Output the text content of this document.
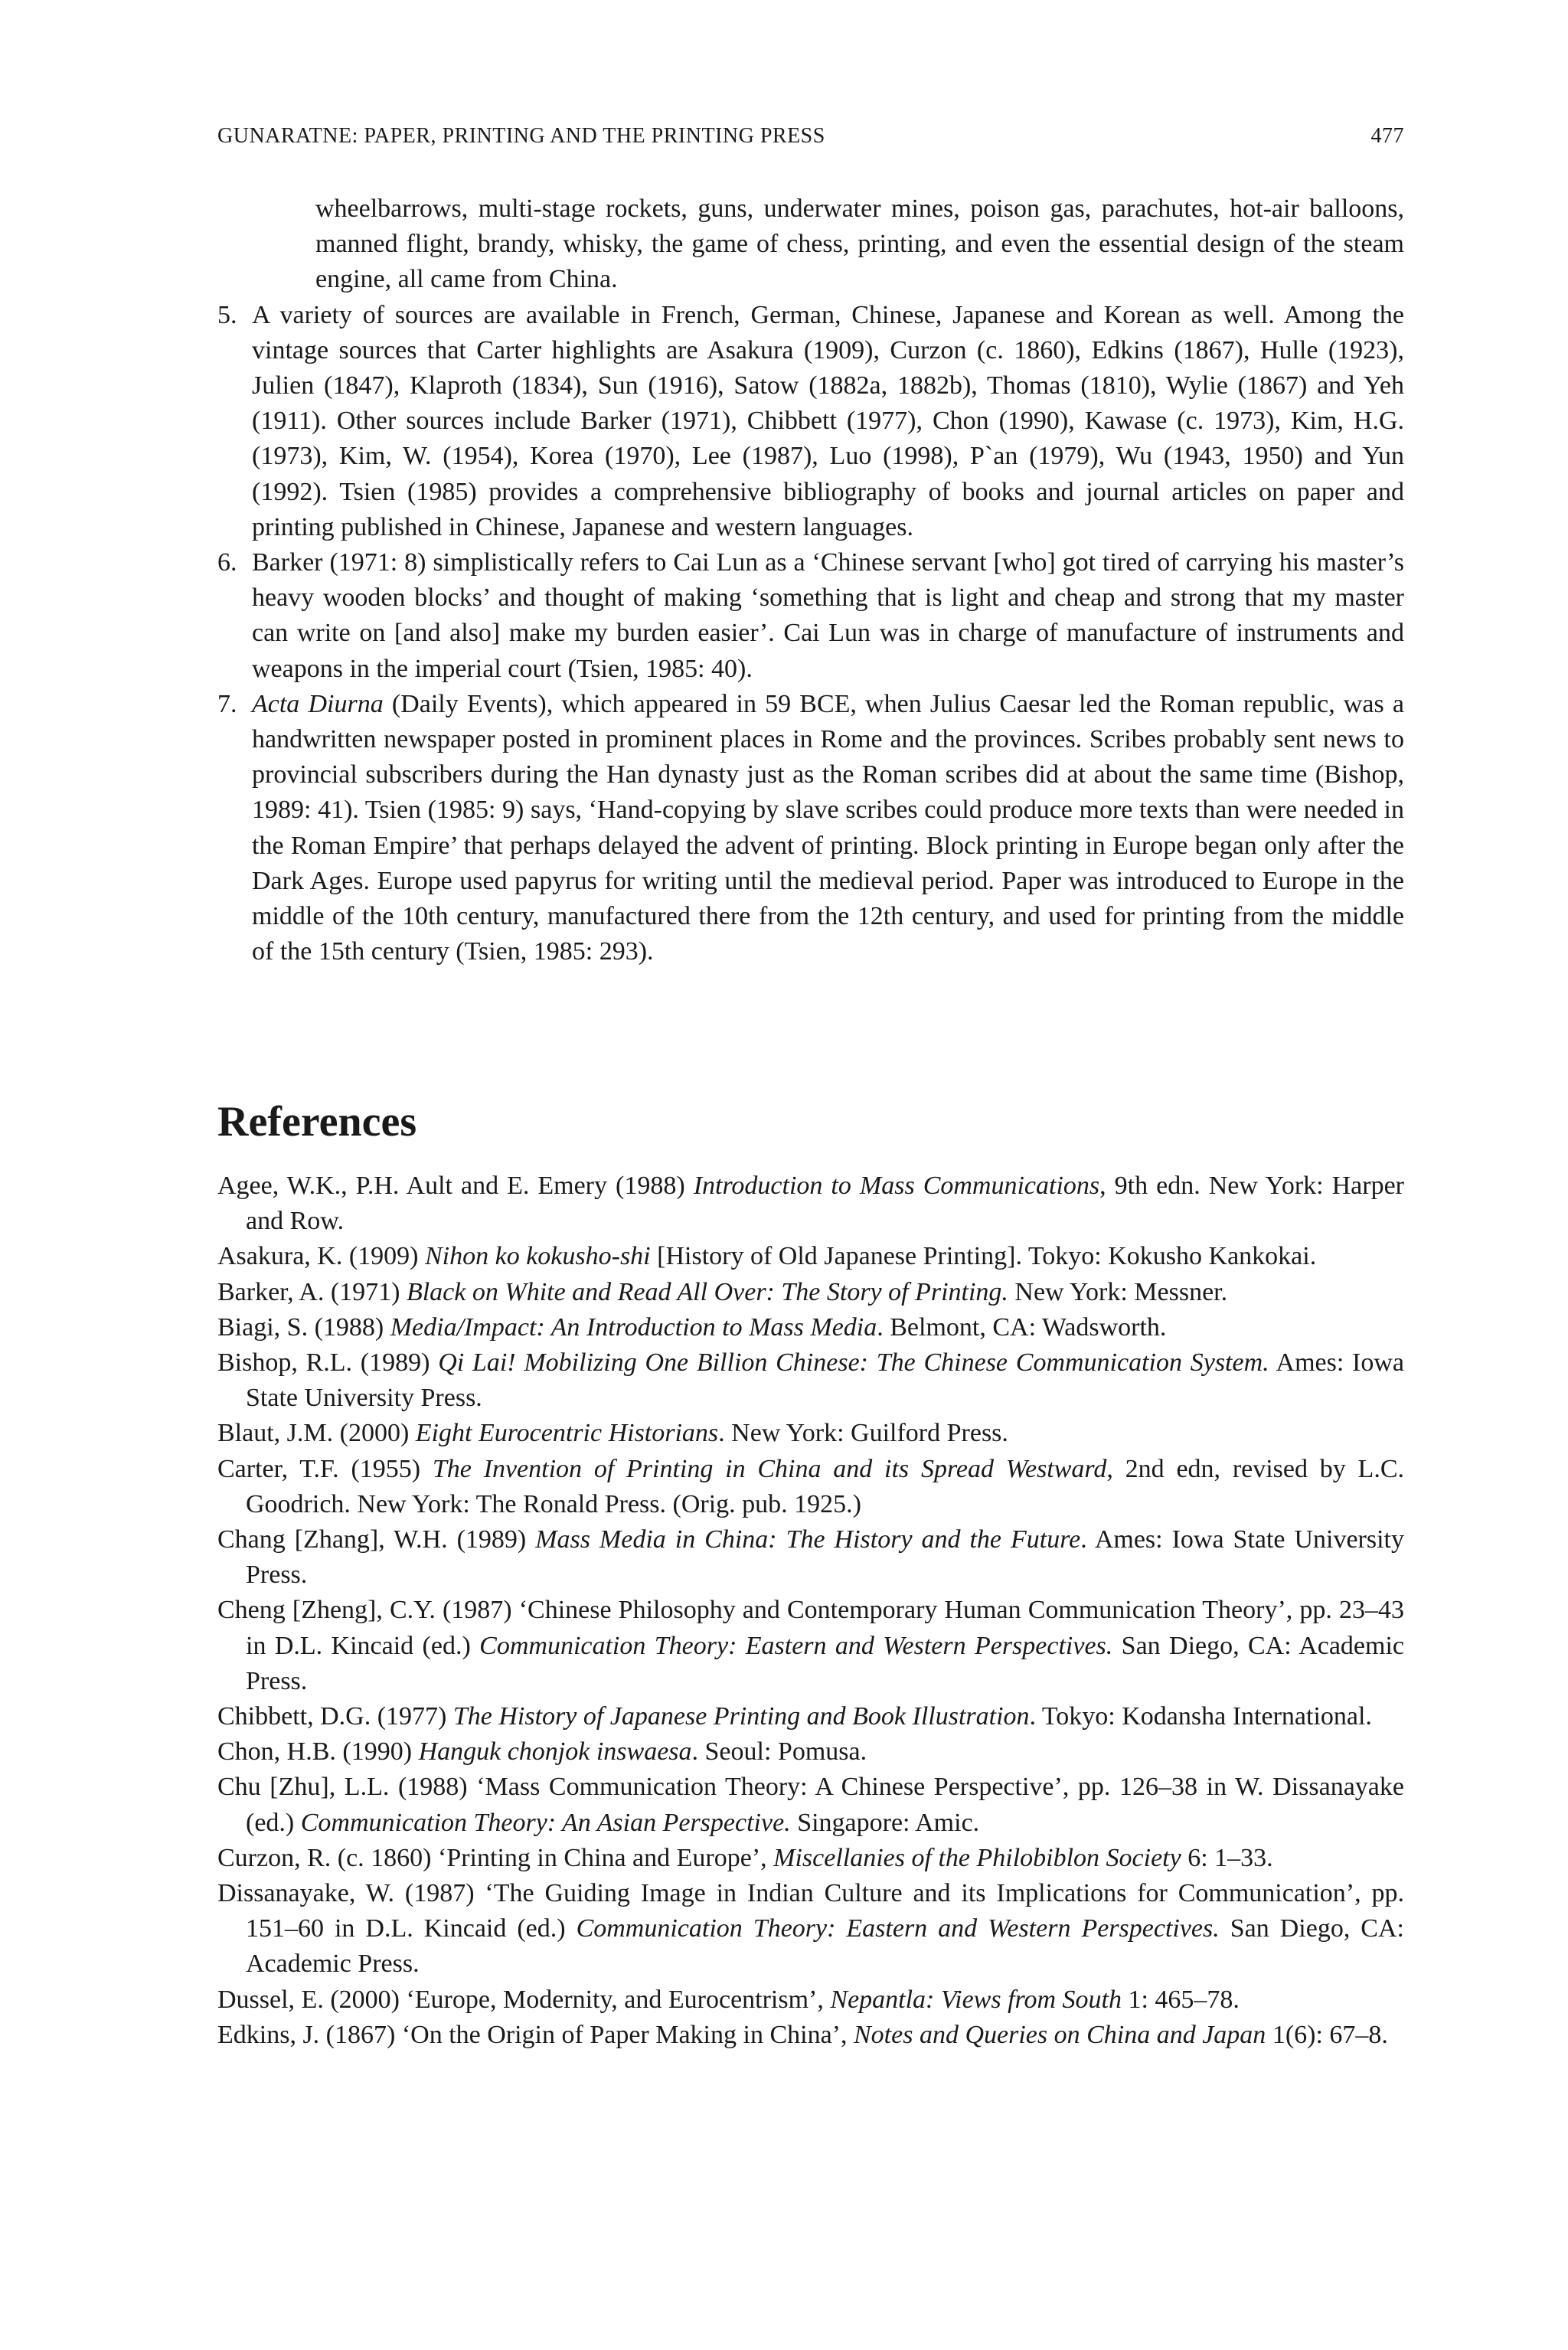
GUNARATNE: PAPER, PRINTING AND THE PRINTING PRESS	477
wheelbarrows, multi-stage rockets, guns, underwater mines, poison gas, parachutes, hot-air balloons, manned flight, brandy, whisky, the game of chess, printing, and even the essential design of the steam engine, all came from China.
5. A variety of sources are available in French, German, Chinese, Japanese and Korean as well. Among the vintage sources that Carter highlights are Asakura (1909), Curzon (c. 1860), Edkins (1867), Hulle (1923), Julien (1847), Klaproth (1834), Sun (1916), Satow (1882a, 1882b), Thomas (1810), Wylie (1867) and Yeh (1911). Other sources include Barker (1971), Chibbett (1977), Chon (1990), Kawase (c. 1973), Kim, H.G. (1973), Kim, W. (1954), Korea (1970), Lee (1987), Luo (1998), P`an (1979), Wu (1943, 1950) and Yun (1992). Tsien (1985) provides a comprehensive bibliography of books and journal articles on paper and printing published in Chinese, Japanese and western languages.
6. Barker (1971: 8) simplistically refers to Cai Lun as a ‘Chinese servant [who] got tired of carrying his master’s heavy wooden blocks’ and thought of making ‘something that is light and cheap and strong that my master can write on [and also] make my burden easier’. Cai Lun was in charge of manufacture of instruments and weapons in the imperial court (Tsien, 1985: 40).
7. Acta Diurna (Daily Events), which appeared in 59 BCE, when Julius Caesar led the Roman republic, was a handwritten newspaper posted in prominent places in Rome and the provinces. Scribes probably sent news to provincial subscribers during the Han dynasty just as the Roman scribes did at about the same time (Bishop, 1989: 41). Tsien (1985: 9) says, ‘Hand-copying by slave scribes could produce more texts than were needed in the Roman Empire’ that perhaps delayed the advent of printing. Block printing in Europe began only after the Dark Ages. Europe used papyrus for writing until the medieval period. Paper was introduced to Europe in the middle of the 10th century, manufactured there from the 12th century, and used for printing from the middle of the 15th century (Tsien, 1985: 293).
References
Agee, W.K., P.H. Ault and E. Emery (1988) Introduction to Mass Communications, 9th edn. New York: Harper and Row.
Asakura, K. (1909) Nihon ko kokusho-shi [History of Old Japanese Printing]. Tokyo: Kokusho Kankokai.
Barker, A. (1971) Black on White and Read All Over: The Story of Printing. New York: Messner.
Biagi, S. (1988) Media/Impact: An Introduction to Mass Media. Belmont, CA: Wadsworth.
Bishop, R.L. (1989) Qi Lai! Mobilizing One Billion Chinese: The Chinese Communication System. Ames: Iowa State University Press.
Blaut, J.M. (2000) Eight Eurocentric Historians. New York: Guilford Press.
Carter, T.F. (1955) The Invention of Printing in China and its Spread Westward, 2nd edn, revised by L.C. Goodrich. New York: The Ronald Press. (Orig. pub. 1925.)
Chang [Zhang], W.H. (1989) Mass Media in China: The History and the Future. Ames: Iowa State University Press.
Cheng [Zheng], C.Y. (1987) ‘Chinese Philosophy and Contemporary Human Communication Theory’, pp. 23–43 in D.L. Kincaid (ed.) Communication Theory: Eastern and Western Perspectives. San Diego, CA: Academic Press.
Chibbett, D.G. (1977) The History of Japanese Printing and Book Illustration. Tokyo: Kodansha International.
Chon, H.B. (1990) Hanguk chonjok inswaesa. Seoul: Pomusa.
Chu [Zhu], L.L. (1988) ‘Mass Communication Theory: A Chinese Perspective’, pp. 126–38 in W. Dissanayake (ed.) Communication Theory: An Asian Perspective. Singapore: Amic.
Curzon, R. (c. 1860) ‘Printing in China and Europe’, Miscellanies of the Philobiblon Society 6: 1–33.
Dissanayake, W. (1987) ‘The Guiding Image in Indian Culture and its Implications for Communication’, pp. 151–60 in D.L. Kincaid (ed.) Communication Theory: Eastern and Western Perspectives. San Diego, CA: Academic Press.
Dussel, E. (2000) ‘Europe, Modernity, and Eurocentrism’, Nepantla: Views from South 1: 465–78.
Edkins, J. (1867) ‘On the Origin of Paper Making in China’, Notes and Queries on China and Japan 1(6): 67–8.
